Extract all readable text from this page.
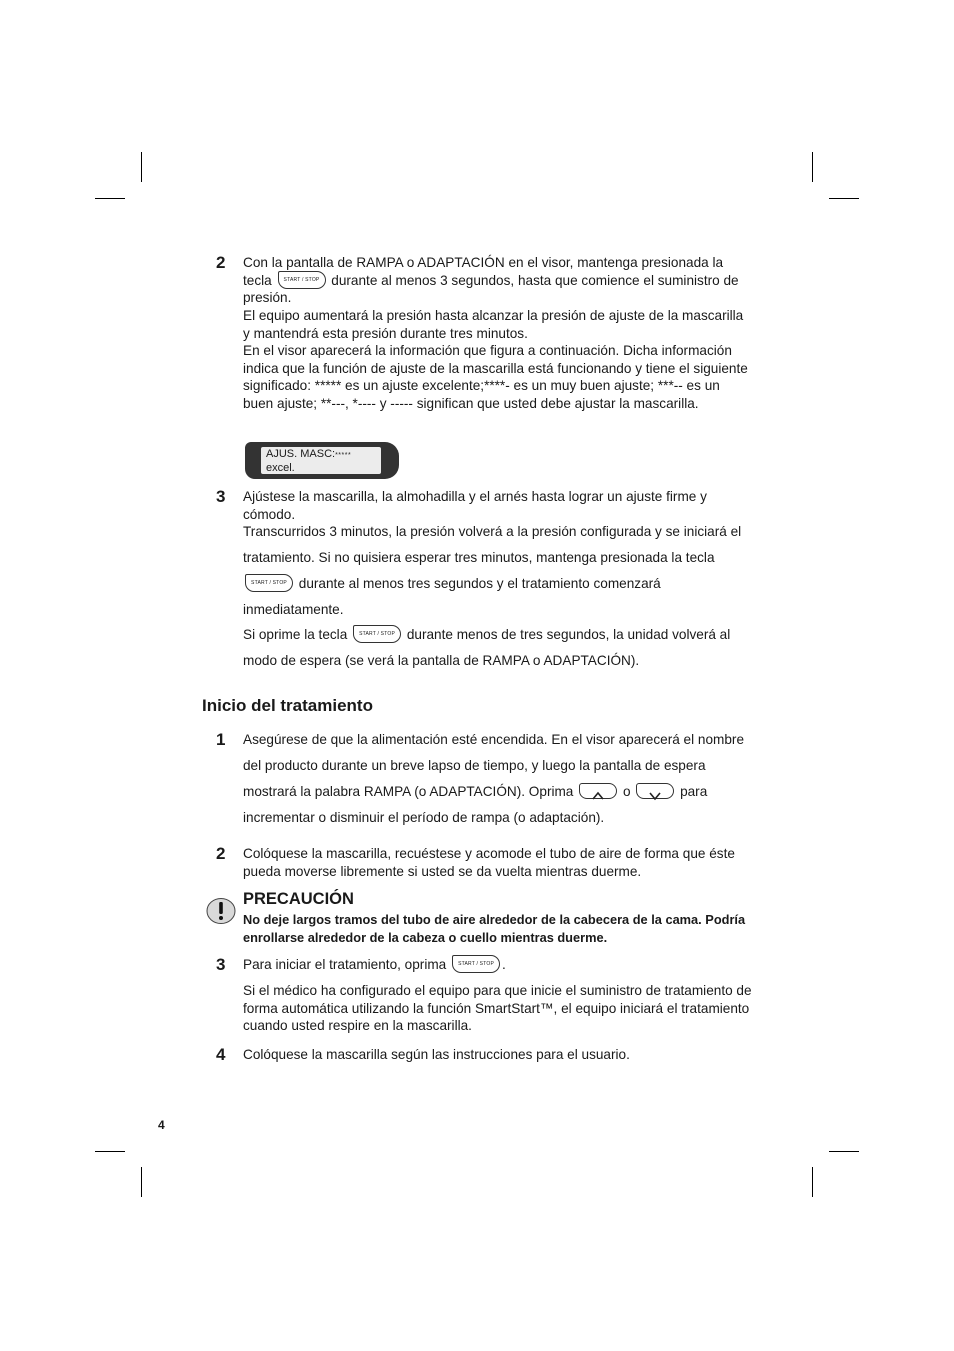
2 Con la pantalla de RAMPA o ADAPTACIÓN en el visor, mantenga presionada la tecla START / STOP durante al menos 3 segundos, hasta que comience el suministro de presión.
El equipo aumentará la presión hasta alcanzar la presión de ajuste de la mascarilla y mantendrá esta presión durante tres minutos.
En el visor aparecerá la información que figura a continuación. Dicha información indica que la función de ajuste de la mascarilla está funcionando y tiene el siguiente significado: ***** es un ajuste excelente;****- es un muy buen ajuste; ***-- es un buen ajuste; **---, *---- y ----- significan que usted debe ajustar la mascarilla.
AJUS. MASC:*****
excel.
3 Ajústese la mascarilla, la almohadilla y el arnés hasta lograr un ajuste firme y cómodo.
Transcurridos 3 minutos, la presión volverá a la presión configurada y se iniciará el tratamiento. Si no quisiera esperar tres minutos, mantenga presionada la tecla START / STOP durante al menos tres segundos y el tratamiento comenzará inmediatamente.
Si oprime la tecla START / STOP durante menos de tres segundos, la unidad volverá al modo de espera (se verá la pantalla de RAMPA o ADAPTACIÓN).
Inicio del tratamiento
1 Asegúrese de que la alimentación esté encendida. En el visor aparecerá el nombre del producto durante un breve lapso de tiempo, y luego la pantalla de espera mostrará la palabra RAMPA (o ADAPTACIÓN). Oprima	o	para incrementar o disminuir el período de rampa (o adaptación).
2 Colóquese la mascarilla, recuéstese y acomode el tubo de aire de forma que éste pueda moverse libremente si usted se da vuelta mientras duerme.
PRECAUCIÓN
No deje largos tramos del tubo de aire alrededor de la cabecera de la cama. Podría enrollarse alrededor de la cabeza o cuello mientras duerme.
3 Para iniciar el tratamiento, oprima START / STOP .
Si el médico ha configurado el equipo para que inicie el suministro de tratamiento de forma automática utilizando la función SmartStart™, el equipo iniciará el tratamiento cuando usted respire en la mascarilla.
4 Colóquese la mascarilla según las instrucciones para el usuario.
4
